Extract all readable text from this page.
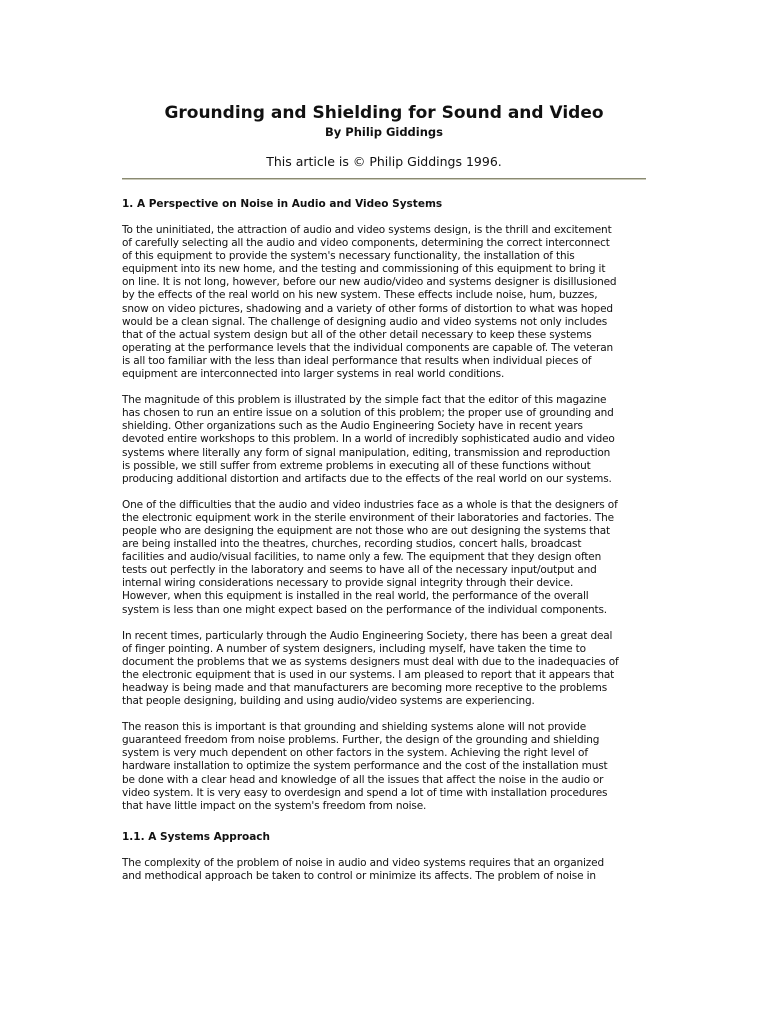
Grounding and Shielding for Sound and Video

By Philip Giddings

This article is © Philip Giddings 1996.

1. A Perspective on Noise in Audio and Video Systems

To the uninitiated, the attraction of audio and video systems design, is the thrill and excitement
of carefully selecting all the audio and video components, determining the correct interconnect
of this equipment to provide the system's necessary functionality, the installation of this
equipment into its new home, and the testing and commissioning of this equipment to bring it
on line. It is not long, however, before our new audio/video and systems designer is disillusioned
by the effects of the real world on his new system. These effects include noise, hum, buzzes,
snow on video pictures, shadowing and a variety of other forms of distortion to what was hoped
would be a clean signal. The challenge of designing audio and video systems not only includes
that of the actual system design but all of the other detail necessary to keep these systems
operating at the performance levels that the individual components are capable of. The veteran
is all too familiar with the less than ideal performance that results when individual pieces of
equipment are interconnected into larger systems in real world conditions.

The magnitude of this problem is illustrated by the simple fact that the editor of this magazine
has chosen to run an entire issue on a solution of this problem; the proper use of grounding and
shielding. Other organizations such as the Audio Engineering Society have in recent years
devoted entire workshops to this problem. In a world of incredibly sophisticated audio and video
systems where literally any form of signal manipulation, editing, transmission and reproduction
is possible, we still suffer from extreme problems in executing all of these functions without
producing additional distortion and artifacts due to the effects of the real world on our systems.

One of the difficulties that the audio and video industries face as a whole is that the designers of
the electronic equipment work in the sterile environment of their laboratories and factories. The
people who are designing the equipment are not those who are out designing the systems that
are being installed into the theatres, churches, recording studios, concert halls, broadcast
facilities and audio/visual facilities, to name only a few. The equipment that they design often
tests out perfectly in the laboratory and seems to have all of the necessary input/output and
internal wiring considerations necessary to provide signal integrity through their device.
However, when this equipment is installed in the real world, the performance of the overall
system is less than one might expect based on the performance of the individual components.

In recent times, particularly through the Audio Engineering Society, there has been a great deal
of finger pointing. A number of system designers, including myself, have taken the time to
document the problems that we as systems designers must deal with due to the inadequacies of
the electronic equipment that is used in our systems. I am pleased to report that it appears that
headway is being made and that manufacturers are becoming more receptive to the problems
that people designing, building and using audio/video systems are experiencing.

The reason this is important is that grounding and shielding systems alone will not provide
guaranteed freedom from noise problems. Further, the design of the grounding and shielding
system is very much dependent on other factors in the system. Achieving the right level of
hardware installation to optimize the system performance and the cost of the installation must
be done with a clear head and knowledge of all the issues that affect the noise in the audio or
video system. It is very easy to overdesign and spend a lot of time with installation procedures
that have little impact on the system's freedom from noise.

1.1. A Systems Approach

The complexity of the problem of noise in audio and video systems requires that an organized
and methodical approach be taken to control or minimize its affects. The problem of noise in
